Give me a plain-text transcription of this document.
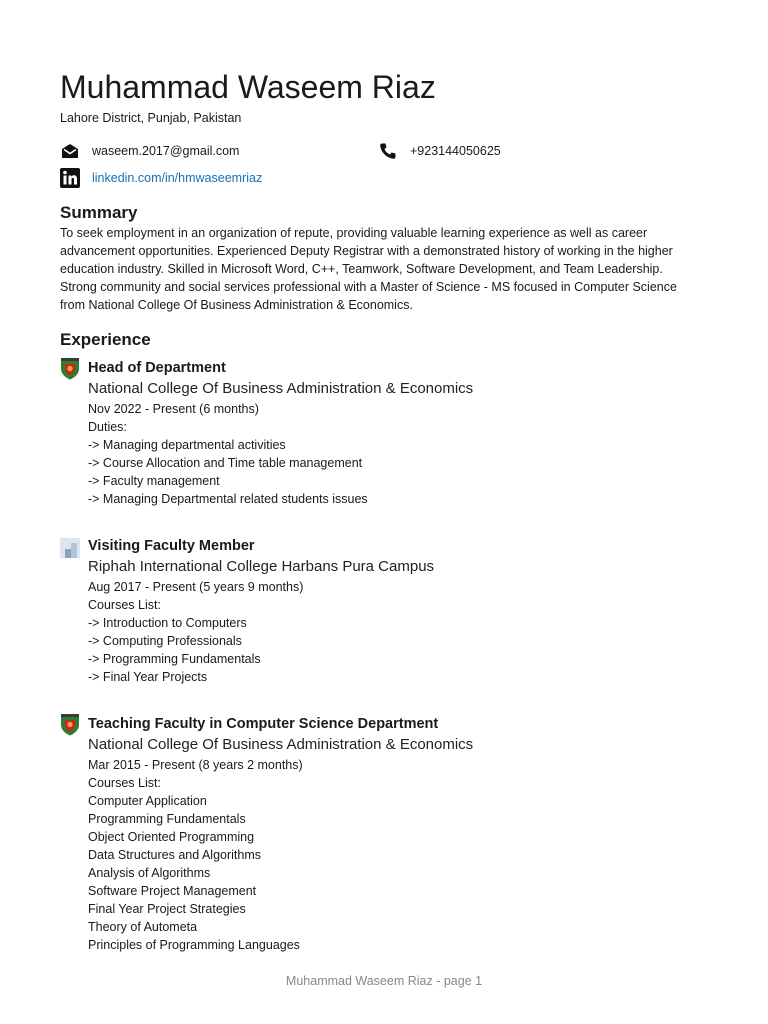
Muhammad Waseem Riaz
Lahore District, Punjab, Pakistan
waseem.2017@gmail.com	+923144050625
linkedin.com/in/hmwaseemriaz
Summary
To seek employment in an organization of repute, providing valuable learning experience as well as career advancement opportunities. Experienced Deputy Registrar with a demonstrated history of working in the higher education industry. Skilled in Microsoft Word, C++, Teamwork, Software Development, and Team Leadership. Strong community and social services professional with a Master of Science - MS focused in Computer Science from National College Of Business Administration & Economics.
Experience
Head of Department
National College Of Business Administration & Economics
Nov 2022 - Present (6 months)
Duties:
-> Managing departmental activities
-> Course Allocation and Time table management
-> Faculty management
-> Managing Departmental related students issues
Visiting Faculty Member
Riphah International College Harbans Pura Campus
Aug 2017 - Present (5 years 9 months)
Courses List:
-> Introduction to Computers
-> Computing Professionals
-> Programming Fundamentals
-> Final Year Projects
Teaching Faculty in Computer Science Department
National College Of Business Administration & Economics
Mar 2015 - Present (8 years 2 months)
Courses List:
Computer Application
Programming Fundamentals
Object Oriented Programming
Data Structures and Algorithms
Analysis of Algorithms
Software Project Management
Final Year Project Strategies
Theory of Autometa
Principles of Programming Languages
Muhammad Waseem Riaz - page 1
